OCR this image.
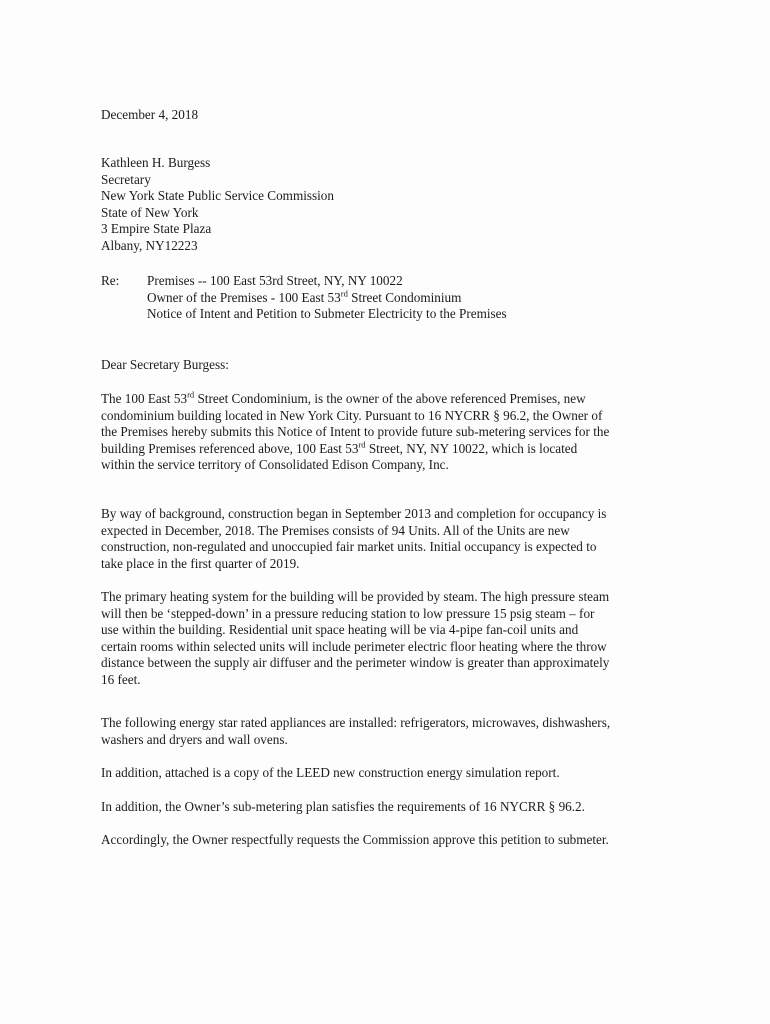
December 4, 2018
Kathleen H. Burgess
Secretary
New York State Public Service Commission
State of New York
3 Empire State Plaza
Albany, NY12223
Re: Premises -- 100 East 53rd Street, NY, NY 10022
Owner of the Premises - 100 East 53rd Street Condominium
Notice of Intent and Petition to Submeter Electricity to the Premises
Dear Secretary Burgess:
The 100 East 53rd Street Condominium, is the owner of the above referenced Premises, new
condominium building located in New York City. Pursuant to 16 NYCRR § 96.2, the Owner of
the Premises hereby submits this Notice of Intent to provide future sub-metering services for the
building Premises referenced above, 100 East 53rd Street, NY, NY 10022, which is located
within the service territory of Consolidated Edison Company, Inc.
By way of background, construction began in September 2013 and completion for occupancy is
expected in December, 2018. The Premises consists of 94 Units. All of the Units are new
construction, non-regulated and unoccupied fair market units. Initial occupancy is expected to
take place in the first quarter of 2019.
The primary heating system for the building will be provided by steam. The high pressure steam
will then be ‘stepped-down’ in a pressure reducing station to low pressure 15 psig steam – for
use within the building. Residential unit space heating will be via 4-pipe fan-coil units and
certain rooms within selected units will include perimeter electric floor heating where the throw
distance between the supply air diffuser and the perimeter window is greater than approximately
16 feet.
The following energy star rated appliances are installed: refrigerators, microwaves, dishwashers,
washers and dryers and wall ovens.
In addition, attached is a copy of the LEED new construction energy simulation report.
In addition, the Owner’s sub-metering plan satisfies the requirements of 16 NYCRR § 96.2.
Accordingly, the Owner respectfully requests the Commission approve this petition to submeter.
